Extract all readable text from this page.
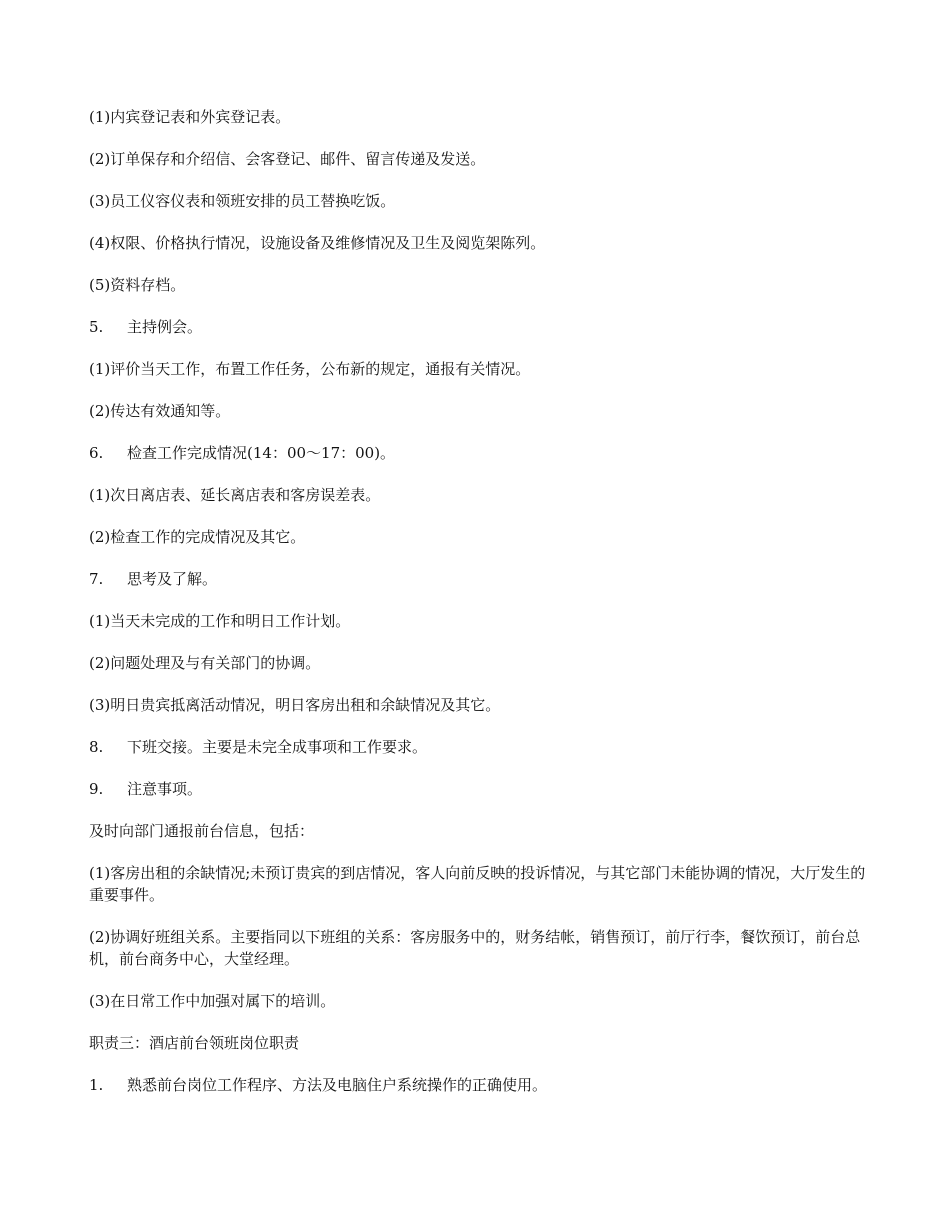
(1)内宾登记表和外宾登记表。

(2)订单保存和介绍信、会客登记、邮件、留言传递及发送。

(3)员工仪容仪表和领班安排的员工替换吃饭。

(4)权限、价格执行情况，设施设备及维修情况及卫生及阅览架陈列。

(5)资料存档。

5. 主持例会。

(1)评价当天工作，布置工作任务，公布新的规定，通报有关情况。

(2)传达有效通知等。

6. 检查工作完成情况(14：00～17：00)。

(1)次日离店表、延长离店表和客房误差表。

(2)检查工作的完成情况及其它。

7. 思考及了解。

(1)当天未完成的工作和明日工作计划。

(2)问题处理及与有关部门的协调。

(3)明日贵宾抵离活动情况，明日客房出租和余缺情况及其它。

8. 下班交接。主要是未完全成事项和工作要求。

9. 注意事项。

及时向部门通报前台信息，包括：

(1)客房出租的余缺情况;未预订贵宾的到店情况，客人向前反映的投诉情况，与其它部门未能协调的情况，大厅发生的重要事件。

(2)协调好班组关系。主要指同以下班组的关系：客房服务中的，财务结帐，销售预订，前厅行李，餐饮预订，前台总机，前台商务中心，大堂经理。

(3)在日常工作中加强对属下的培训。

职责三：酒店前台领班岗位职责

1. 熟悉前台岗位工作程序、方法及电脑住户系统操作的正确使用。
